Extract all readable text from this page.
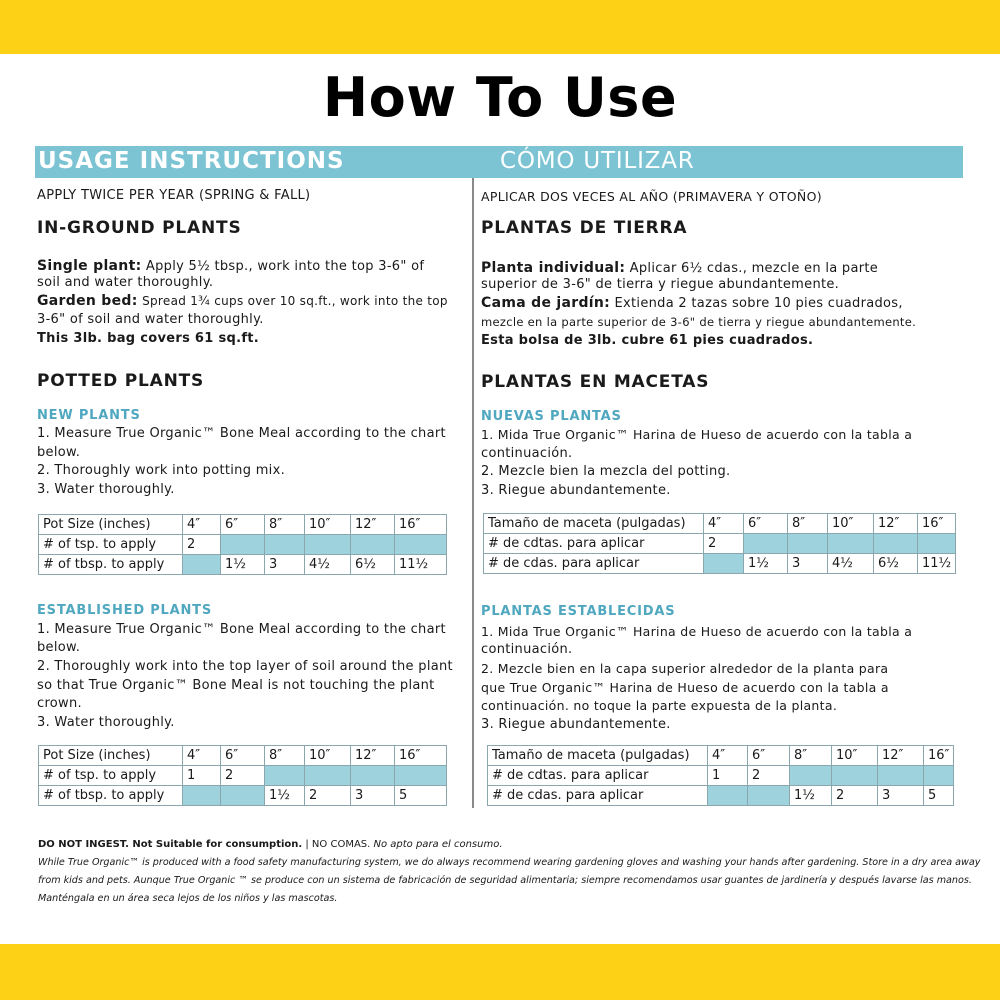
How To Use
USAGE INSTRUCTIONS	CÓMO UTILIZAR
APPLY TWICE PER YEAR (SPRING & FALL)
IN-GROUND PLANTS
Single plant: Apply 5½ tbsp., work into the top 3-6" of
soil and water thoroughly.
Garden bed: Spread 1¾ cups over 10 sq.ft., work into the top
3-6" of soil and water thoroughly.
This 3lb. bag covers 61 sq.ft.
POTTED PLANTS
NEW PLANTS
1. Measure True Organic™ Bone Meal according to the chart
below.
2. Thoroughly work into potting mix.
3. Water thoroughly.
Pot Size (inches)	4″	6″	8″	10″	12″	16″
# of tsp. to apply	2					
# of tbsp. to apply		1½	3	4½	6½	11½
ESTABLISHED PLANTS
1. Measure True Organic™ Bone Meal according to the chart
below.
2. Thoroughly work into the top layer of soil around the plant
so that True Organic™ Bone Meal is not touching the plant
crown.
3. Water thoroughly.
Pot Size (inches)	4″	6″	8″	10″	12″	16″
# of tsp. to apply	1	2				
# of tbsp. to apply			1½	2	3	5
APLICAR DOS VECES AL AÑO (PRIMAVERA Y OTOÑO)
PLANTAS DE TIERRA
Planta individual: Aplicar 6½ cdas., mezcle en la parte
superior de 3-6" de tierra y riegue abundantemente.
Cama de jardín: Extienda 2 tazas sobre 10 pies cuadrados,
mezcle en la parte superior de 3-6" de tierra y riegue abundantemente.
Esta bolsa de 3lb. cubre 61 pies cuadrados.
PLANTAS EN MACETAS
NUEVAS PLANTAS
1. Mida True Organic™ Harina de Hueso de acuerdo con la tabla a
continuación.
2. Mezcle bien la mezcla del potting.
3. Riegue abundantemente.
Tamaño de maceta (pulgadas)	4″	6″	8″	10″	12″	16″
# de cdtas. para aplicar	2					
# de cdas. para aplicar		1½	3	4½	6½	11½
PLANTAS ESTABLECIDAS
1. Mida True Organic™ Harina de Hueso de acuerdo con la tabla a
continuación.
2. Mezcle bien en la capa superior alrededor de la planta para
que True Organic™ Harina de Hueso de acuerdo con la tabla a
continuación. no toque la parte expuesta de la planta.
3. Riegue abundantemente.
Tamaño de maceta (pulgadas)	4″	6″	8″	10″	12″	16″
# de cdtas. para aplicar	1	2				
# de cdas. para aplicar			1½	2	3	5
DO NOT INGEST. Not Suitable for consumption. | NO COMAS. No apto para el consumo.
While True Organic™ is produced with a food safety manufacturing system, we do always recommend wearing gardening gloves and washing your hands after gardening. Store in a dry area away
from kids and pets. Aunque True Organic ™ se produce con un sistema de fabricación de seguridad alimentaria; siempre recomendamos usar guantes de jardinería y después lavarse las manos.
Manténgala en un área seca lejos de los niños y las mascotas.
